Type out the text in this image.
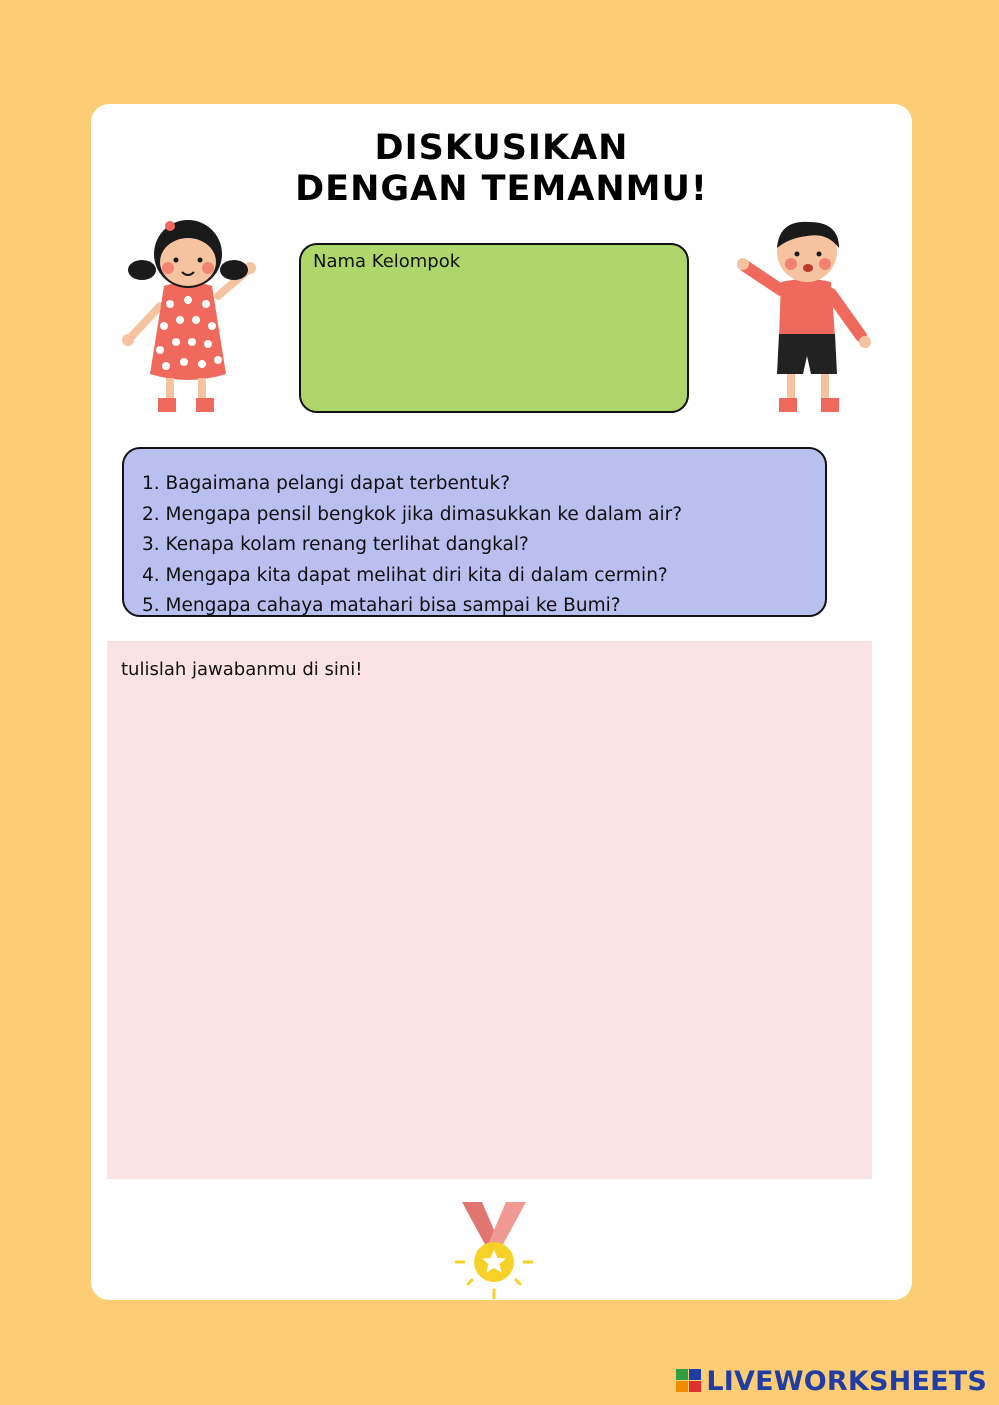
DISKUSIKAN
DENGAN TEMANMU!
Nama Kelompok
1. Bagaimana pelangi dapat terbentuk?
2. Mengapa pensil bengkok jika dimasukkan ke dalam air?
3. Kenapa kolam renang terlihat dangkal?
4. Mengapa kita dapat melihat diri kita di dalam cermin?
5. Mengapa cahaya matahari bisa sampai ke Bumi?
tulislah jawabanmu di sini!
LIVEWORKSHEETS
